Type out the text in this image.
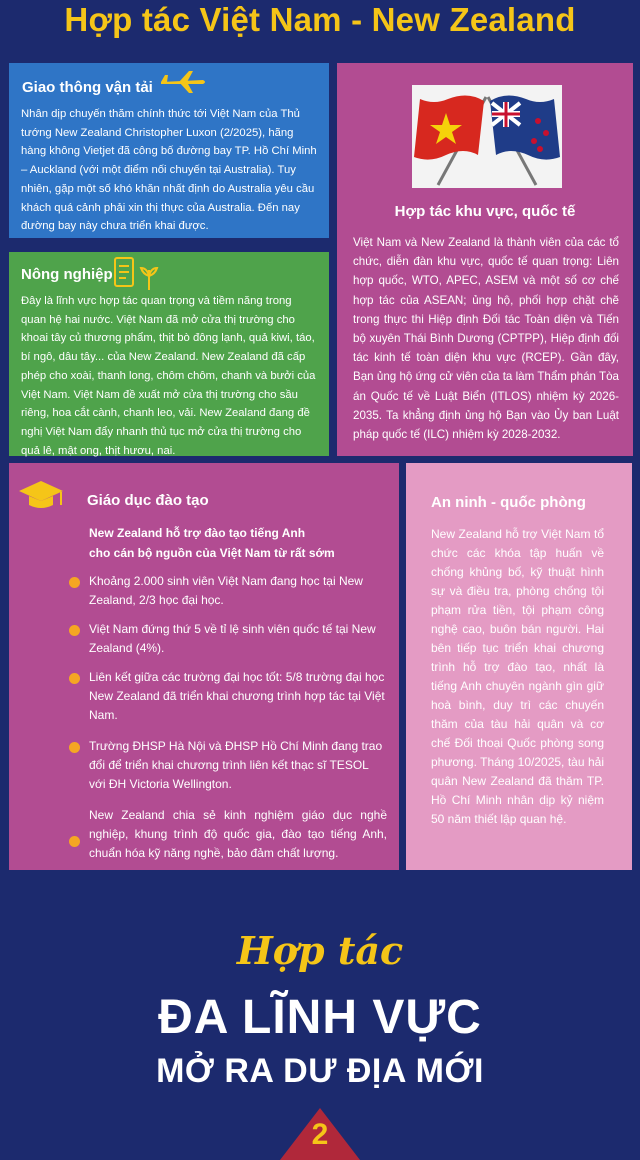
Hợp tác Việt Nam - New Zealand
Giao thông vận tải

Nhân dịp chuyến thăm chính thức tới Việt Nam của Thủ tướng New Zealand Christopher Luxon (2/2025), hãng hàng không Vietjet đã công bố đường bay TP. Hồ Chí Minh – Auckland (với một điểm nối chuyến tại Australia). Tuy nhiên, gặp một số khó khăn nhất định do Australia yêu cầu khách quá cảnh phải xin thị thực của Australia. Đến nay đường bay này chưa triển khai được.

Nông nghiệp

Đây là lĩnh vực hợp tác quan trọng và tiềm năng trong quan hệ hai nước. Việt Nam đã mở cửa thị trường cho khoai tây củ thương phẩm, thịt bò đông lạnh, quả kiwi, táo, bí ngô, dâu tây... của New Zealand. New Zealand đã cấp phép cho xoài, thanh long, chôm chôm, chanh và bưởi của Việt Nam. Việt Nam đề xuất mở cửa thị trường cho sầu riêng, hoa cắt cành, chanh leo, vải. New Zealand đang đề nghị Việt Nam đẩy nhanh thủ tục mở cửa thị trường cho quả lê, mật ong, thịt hươu, nai.

Hợp tác khu vực, quốc tế

Việt Nam và New Zealand là thành viên của các tổ chức, diễn đàn khu vực, quốc tế quan trọng: Liên hợp quốc, WTO, APEC, ASEM và một số cơ chế hợp tác của ASEAN; ủng hộ, phối hợp chặt chẽ trong thực thi Hiệp định Đối tác Toàn diện và Tiến bộ xuyên Thái Bình Dương (CPTPP), Hiệp định đối tác kinh tế toàn diện khu vực (RCEP). Gần đây, Bạn ủng hộ ứng cử viên của ta làm Thẩm phán Tòa án Quốc tế về Luật Biển (ITLOS) nhiệm kỳ 2026-2035. Ta khẳng định ủng hộ Bạn vào Ủy ban Luật pháp quốc tế (ILC) nhiệm kỳ 2028-2032.

Giáo dục đào tạo
New Zealand hỗ trợ đào tạo tiếng Anh
cho cán bộ nguồn của Việt Nam từ rất sớm
Khoảng 2.000 sinh viên Việt Nam đang học tại New Zealand, 2/3 học đại học.
Việt Nam đứng thứ 5 về tỉ lệ sinh viên quốc tế tại New Zealand (4%).
Liên kết giữa các trường đại học tốt: 5/8 trường đại học New Zealand đã triển khai chương trình hợp tác tại Việt Nam.
Trường ĐHSP Hà Nội và ĐHSP Hồ Chí Minh đang trao đổi để triển khai chương trình liên kết thạc sĩ TESOL với ĐH Victoria Wellington.
New Zealand chia sẻ kinh nghiệm giáo dục nghề nghiệp, khung trình độ quốc gia, đào tạo tiếng Anh, chuẩn hóa kỹ năng nghề, bảo đảm chất lượng.
An ninh - quốc phòng

New Zealand hỗ trợ Việt Nam tổ chức các khóa tập huấn về chống khủng bố, kỹ thuật hình sự và điều tra, phòng chống tội phạm rửa tiền, tội phạm công nghệ cao, buôn bán người. Hai bên tiếp tục triển khai chương trình hỗ trợ đào tạo, nhất là tiếng Anh chuyên ngành gìn giữ hoà bình, duy trì các chuyến thăm của tàu hải quân và cơ chế Đối thoại Quốc phòng song phương. Tháng 10/2025, tàu hải quân New Zealand đã thăm TP. Hồ Chí Minh nhân dịp kỷ niệm 50 năm thiết lập quan hệ.

Hợp tác
ĐA LĨNH VỰC
MỞ RA DƯ ĐỊA MỚI
2
